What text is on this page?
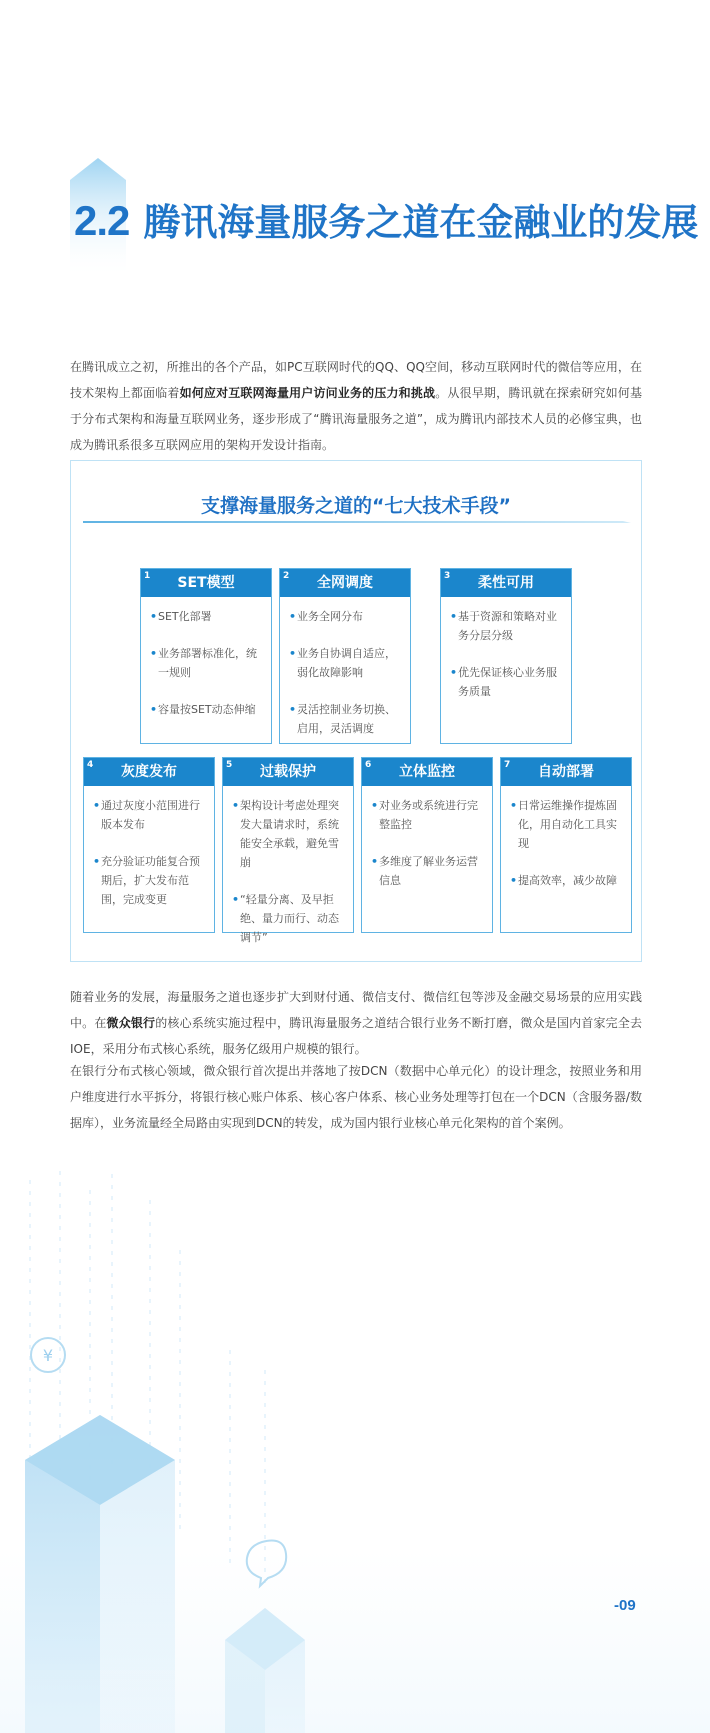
2.2 腾讯海量服务之道在金融业的发展

在腾讯成立之初，所推出的各个产品，如PC互联网时代的QQ、QQ空间，移动互联网时代的微信等应用，在技术架构上都面临着如何应对互联网海量用户访问业务的压力和挑战。从很早期，腾讯就在探索研究如何基于分布式架构和海量互联网业务，逐步形成了“腾讯海量服务之道”，成为腾讯内部技术人员的必修宝典，也成为腾讯系很多互联网应用的架构开发设计指南。

支撑海量服务之道的“七大技术手段”
1 SET模型
• SET化部署
• 业务部署标准化，统一规则
• 容量按SET动态伸缩
2 全网调度
• 业务全网分布
• 业务自协调自适应，弱化故障影响
• 灵活控制业务切换、启用，灵活调度
3 柔性可用
• 基于资源和策略对业务分层分级
• 优先保证核心业务服务质量
4 灰度发布
• 通过灰度小范围进行版本发布
• 充分验证功能复合预期后，扩大发布范围，完成变更
5 过载保护
• 架构设计考虑处理突发大量请求时，系统能安全承载，避免雪崩
• “轻量分离、及早拒绝、量力而行、动态调节”
6 立体监控
• 对业务或系统进行完整监控
• 多维度了解业务运营信息
7 自动部署
• 日常运维操作提炼固化，用自动化工具实现
• 提高效率，减少故障

随着业务的发展，海量服务之道也逐步扩大到财付通、微信支付、微信红包等涉及金融交易场景的应用实践中。在微众银行的核心系统实施过程中，腾讯海量服务之道结合银行业务不断打磨，微众是国内首家完全去IOE，采用分布式核心系统，服务亿级用户规模的银行。

在银行分布式核心领域，微众银行首次提出并落地了按DCN（数据中心单元化）的设计理念，按照业务和用户维度进行水平拆分，将银行核心账户体系、核心客户体系、核心业务处理等打包在一个DCN（含服务器/数据库），业务流量经全局路由实现到DCN的转发，成为国内银行业核心单元化架构的首个案例。

¥
-09
